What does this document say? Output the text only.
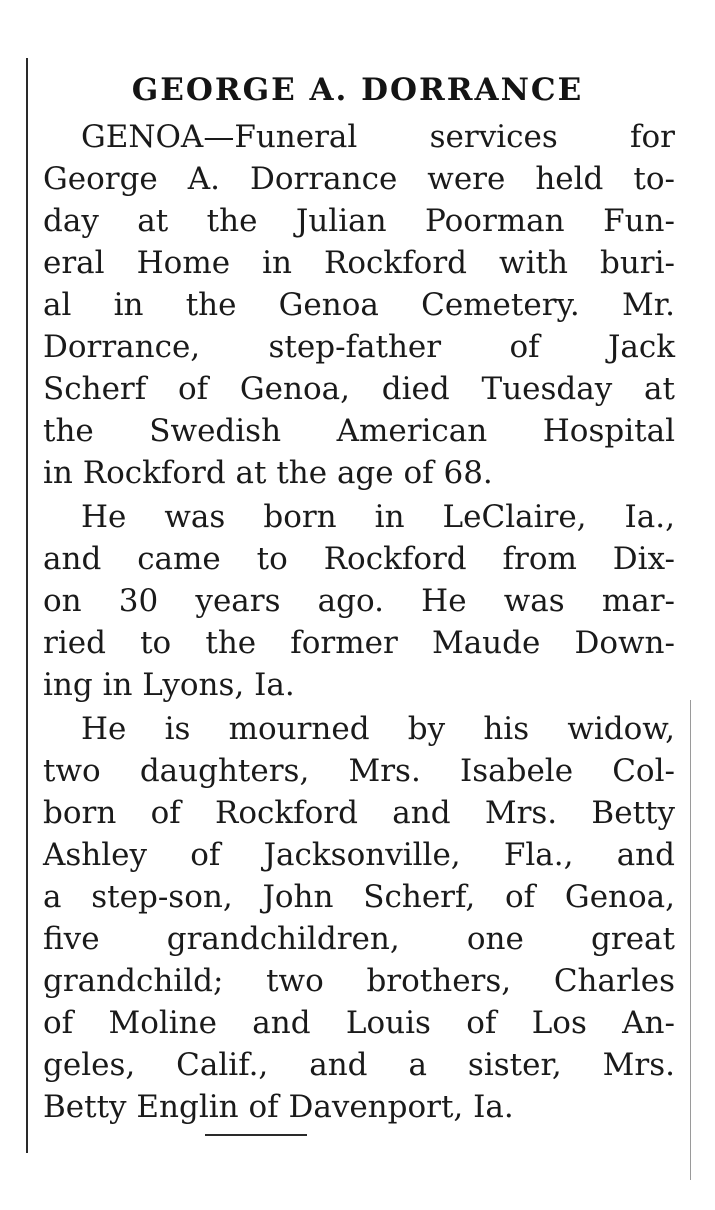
GEORGE A. DORRANCE
GENOA—Funeral services for
George A. Dorrance were held to-
day at the Julian Poorman Fun-
eral Home in Rockford with buri-
al in the Genoa Cemetery. Mr.
Dorrance, step-father of Jack
Scherf of Genoa, died Tuesday at
the Swedish American Hospital
in Rockford at the age of 68.
He was born in LeClaire, Ia.,
and came to Rockford from Dix-
on 30 years ago. He was mar-
ried to the former Maude Down-
ing in Lyons, Ia.
He is mourned by his widow,
two daughters, Mrs. Isabele Col-
born of Rockford and Mrs. Betty
Ashley of Jacksonville, Fla., and
a step-son, John Scherf, of Genoa,
five grandchildren, one great
grandchild; two brothers, Charles
of Moline and Louis of Los An-
geles, Calif., and a sister, Mrs.
Betty Englin of Davenport, Ia.
